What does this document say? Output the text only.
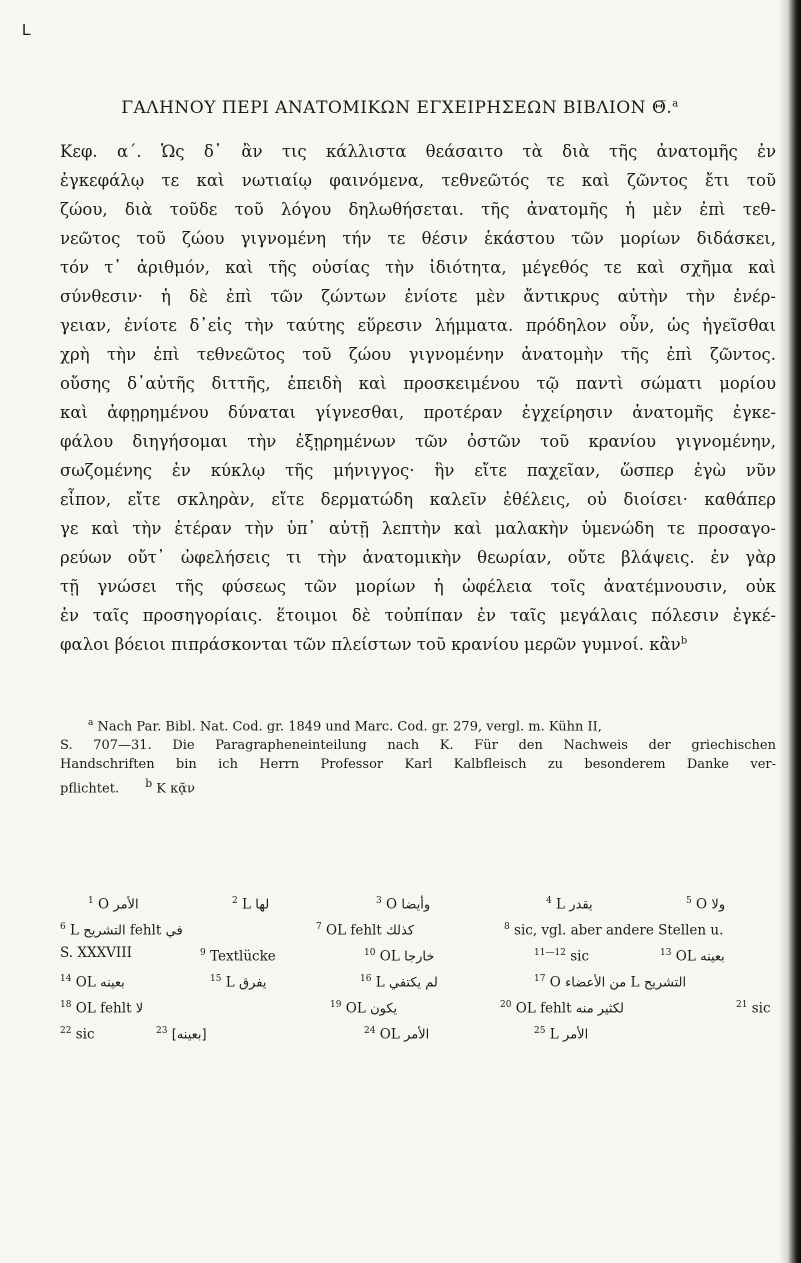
L
ΓΑΛΗΝΟΥ ΠΕΡΙ ΑΝΑΤΟΜΙΚΩΝ ΕΓΧΕΙΡΗΣΕΩΝ ΒΙΒΛΙΟΝ Θ̅.$^a$
Κεφ. α΄. Ὡς δ᾽ ἂν τις κάλλιστα θεάσαιτο τὰ διὰ τῆς ἀνατομῆς ἐν
ἐγκεφάλῳ τε καὶ νωτιαίῳ φαινόμενα, τεθνεῶτός τε καὶ ζῶντος ἔτι τοῦ
ζώου, διὰ τοῦδε τοῦ λόγου δηλωθήσεται. τῆς ἀνατομῆς ἡ μὲν ἐπὶ τεθ-
νεῶτος τοῦ ζώου γιγνομένη τήν τε θέσιν ἑκάστου τῶν μορίων διδάσκει,
τόν τ᾽ ἀριθμόν, καὶ τῆς οὐσίας τὴν ἰδιότητα, μέγεθός τε καὶ σχῆμα καὶ
σύνθεσιν· ἡ δὲ ἐπὶ τῶν ζώντων ἐνίοτε μὲν ἄντικρυς αὐτὴν τὴν ἐνέρ-
γειαν, ἐνίοτε δ᾽εἰς τὴν ταύτης εὕρεσιν λήμματα. πρόδηλον οὖν, ὡς ἡγεῖσθαι
χρὴ τὴν ἐπὶ τεθνεῶτος τοῦ ζώου γιγνομένην ἀνατομὴν τῆς ἐπὶ ζῶντος.
οὔσης δ᾽αὐτῆς διττῆς, ἐπειδὴ καὶ προσκειμένου τῷ παντὶ σώματι μορίου
καὶ ἀφῃρημένου δύναται γίγνεσθαι, προτέραν ἐγχείρησιν ἀνατομῆς ἐγκε-
φάλου διηγήσομαι τὴν ἐξῃρημένων τῶν ὀστῶν τοῦ κρανίου γιγνομένην,
σωζομένης ἐν κύκλῳ τῆς μήνιγγος· ἣν εἴτε παχεῖαν, ὥσπερ ἐγὼ νῦν
εἶπον, εἴτε σκληρὰν, εἴτε δερματώδη καλεῖν ἐθέλεις, οὐ διοίσει· καθάπερ
γε καὶ τὴν ἑτέραν τὴν ὑπ᾽ αὐτῇ λεπτὴν καὶ μαλακὴν ὑμενώδη τε προσαγο-
ρεύων οὔτ᾽ ὠφελήσεις τι τὴν ἀνατομικὴν θεωρίαν, οὔτε βλάψεις. ἐν γὰρ
τῇ γνώσει τῆς φύσεως τῶν μορίων ἡ ὠφέλεια τοῖς ἀνατέμνουσιν, οὐκ
ἐν ταῖς προσηγορίαις. ἕτοιμοι δὲ τοὐπίπαν ἐν ταῖς μεγάλαις πόλεσιν ἐγκέ-
φαλοι βόειοι πιπράσκονται τῶν πλείστων τοῦ κρανίου μερῶν γυμνοί. κἂν$^b$
$^a$ Nach Par. Bibl. Nat. Cod. gr. 1849 und Marc. Cod. gr. 279, vergl. m. Kühn II,
S. 707—31. Die Paragrapheneinteilung nach K. Für den Nachweis der griechischen
Handschriften bin ich Herrn Professor Karl Kalbfleisch zu besonderem Danke ver-
pflichtet. $^b$ K κᾷν
$^1$ O الأمر	$^2$ L لها	$^3$ O وأيضا	$^4$ L يقدر	$^5$ O ولا
$^6$ L التشريح fehlt في	$^7$ OL fehlt كذلك	$^8$ sic, vgl. aber andere Stellen u.
S. XXXVIII	$^9$ Textlücke	$^{10}$ OL خارجا	$^{11—12}$ sic	$^{13}$ OL بعينه
$^{14}$ OL بعينه	$^{15}$ L يفرق	$^{16}$ L لم يكتفي	$^{17}$ O من الأعضاء L التشريح
$^{18}$ OL fehlt لا	$^{19}$ OL يكون	$^{20}$ OL fehlt لكثير منه	$^{21}$ sic
$^{22}$ sic	$^{23}$ [بعينه]	$^{24}$ OL الأمر	$^{25}$ L الأمر
